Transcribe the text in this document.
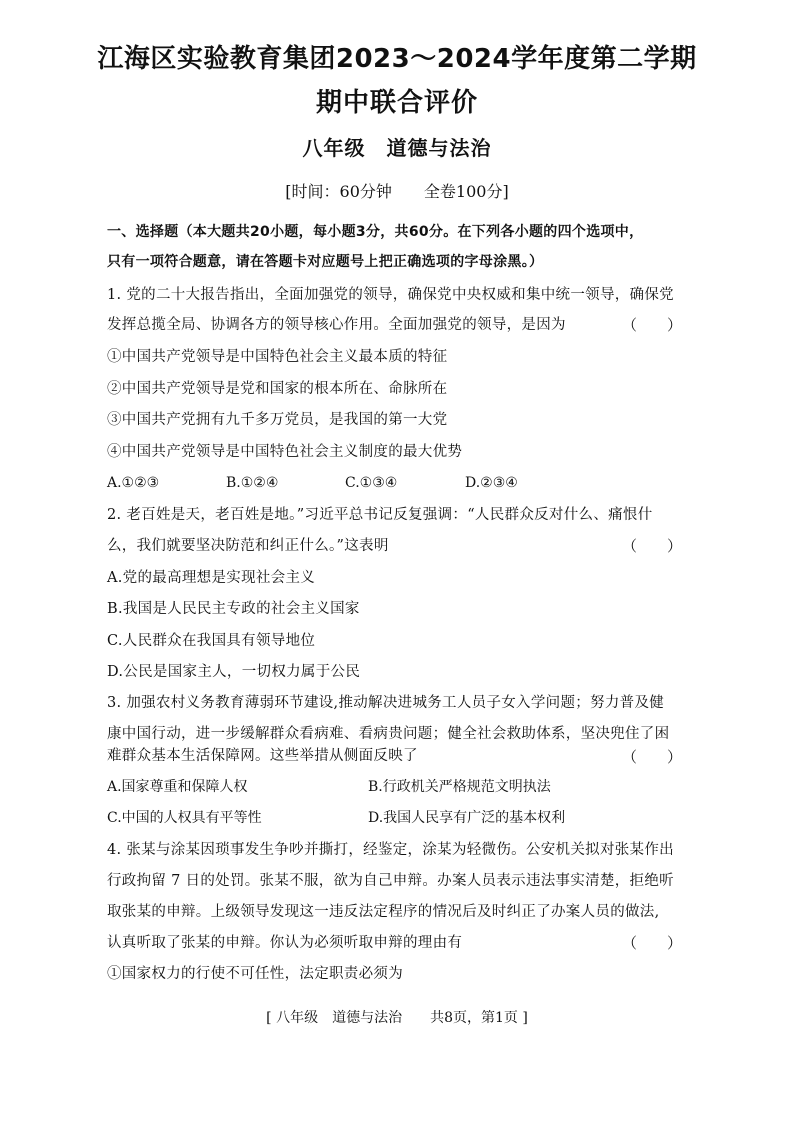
江海区实验教育集团2023～2024学年度第二学期
期中联合评价
八年级　道德与法治
[时间：60分钟　　全卷100分]
一、选择题（本大题共20小题，每小题3分，共60分。在下列各小题的四个选项中，
只有一项符合题意，请在答题卡对应题号上把正确选项的字母涂黑。）
1. 党的二十大报告指出，全面加强党的领导，确保党中央权威和集中统一领导，确保党
发挥总揽全局、协调各方的领导核心作用。全面加强党的领导，是因为	（　　）
①中国共产党领导是中国特色社会主义最本质的特征
②中国共产党领导是党和国家的根本所在、命脉所在
③中国共产党拥有九千多万党员，是我国的第一大党
④中国共产党领导是中国特色社会主义制度的最大优势
A.①②③	B.①②④	C.①③④	D.②③④
2. 老百姓是天，老百姓是地。”习近平总书记反复强调：“人民群众反对什么、痛恨什
么，我们就要坚决防范和纠正什么。”这表明	（　　）
A.党的最高理想是实现社会主义
B.我国是人民民主专政的社会主义国家
C.人民群众在我国具有领导地位
D.公民是国家主人，一切权力属于公民
3. 加强农村义务教育薄弱环节建设,推动解决进城务工人员子女入学问题；努力普及健
康中国行动，进一步缓解群众看病难、看病贵问题；健全社会救助体系，坚决兜住了困
难群众基本生活保障网。这些举措从侧面反映了	（　　）
A.国家尊重和保障人权	B.行政机关严格规范文明执法
C.中国的人权具有平等性	D.我国人民享有广泛的基本权利
4. 张某与涂某因琐事发生争吵并撕打，经鉴定，涂某为轻微伤。公安机关拟对张某作出
行政拘留 7 日的处罚。张某不服，欲为自己申辩。办案人员表示违法事实清楚，拒绝听
取张某的申辩。上级领导发现这一违反法定程序的情况后及时纠正了办案人员的做法,
认真听取了张某的申辩。你认为必须听取申辩的理由有	（　　）
①国家权力的行使不可任性，法定职责必须为
[ 八年级　道德与法治　　共8页，第1页 ]
